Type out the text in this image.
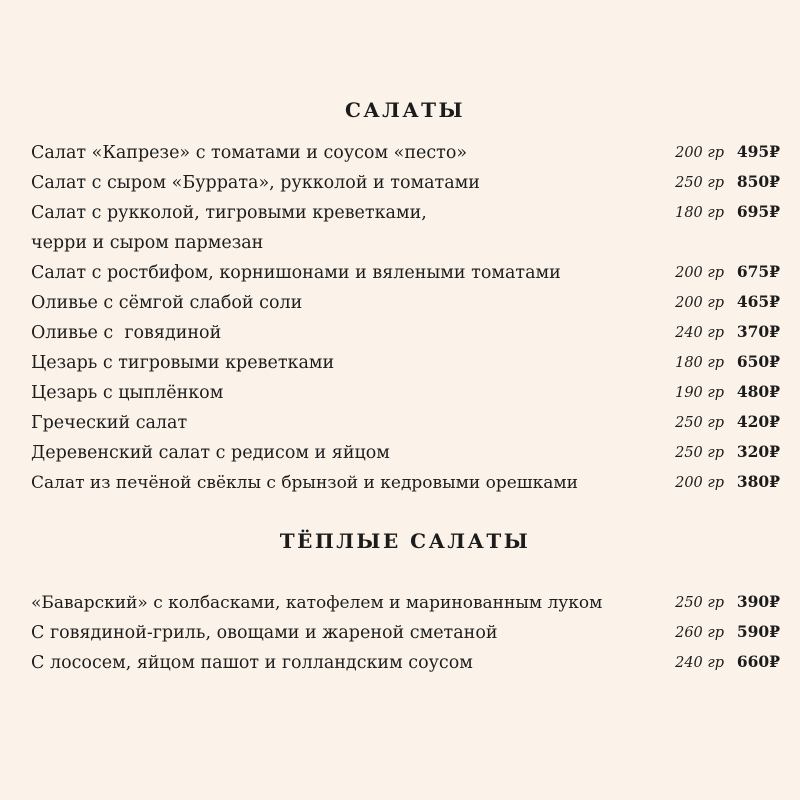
САЛАТЫ
Салат «Капрезе» с томатами и соусом «песто»	200 гр 495₽
Салат с сыром «Буррата», рукколой и томатами	250 гр 850₽
Салат с рукколой, тигровыми креветками,
черри и сыром пармезан
180 гр 695₽
Салат с ростбифом, корнишонами и вялеными томатами	200 гр 675₽
Оливье с сёмгой слабой соли	200 гр 465₽
Оливье с  говядиной	240 гр 370₽
Цезарь с тигровыми креветками	180 гр 650₽
Цезарь с цыплёнком	190 гр 480₽
Греческий салат	250 гр 420₽
Деревенский салат с редисом и яйцом	250 гр 320₽
Салат из печёной свёклы с брынзой и кедровыми орешками	200 гр 380₽
ТЁПЛЫЕ САЛАТЫ
«Баварский» с колбасками, катофелем и маринованным луком	250 гр 390₽
С говядиной-гриль, овощами и жареной сметаной	260 гр 590₽
С лососем, яйцом пашот и голландским соусом	240 гр 660₽
